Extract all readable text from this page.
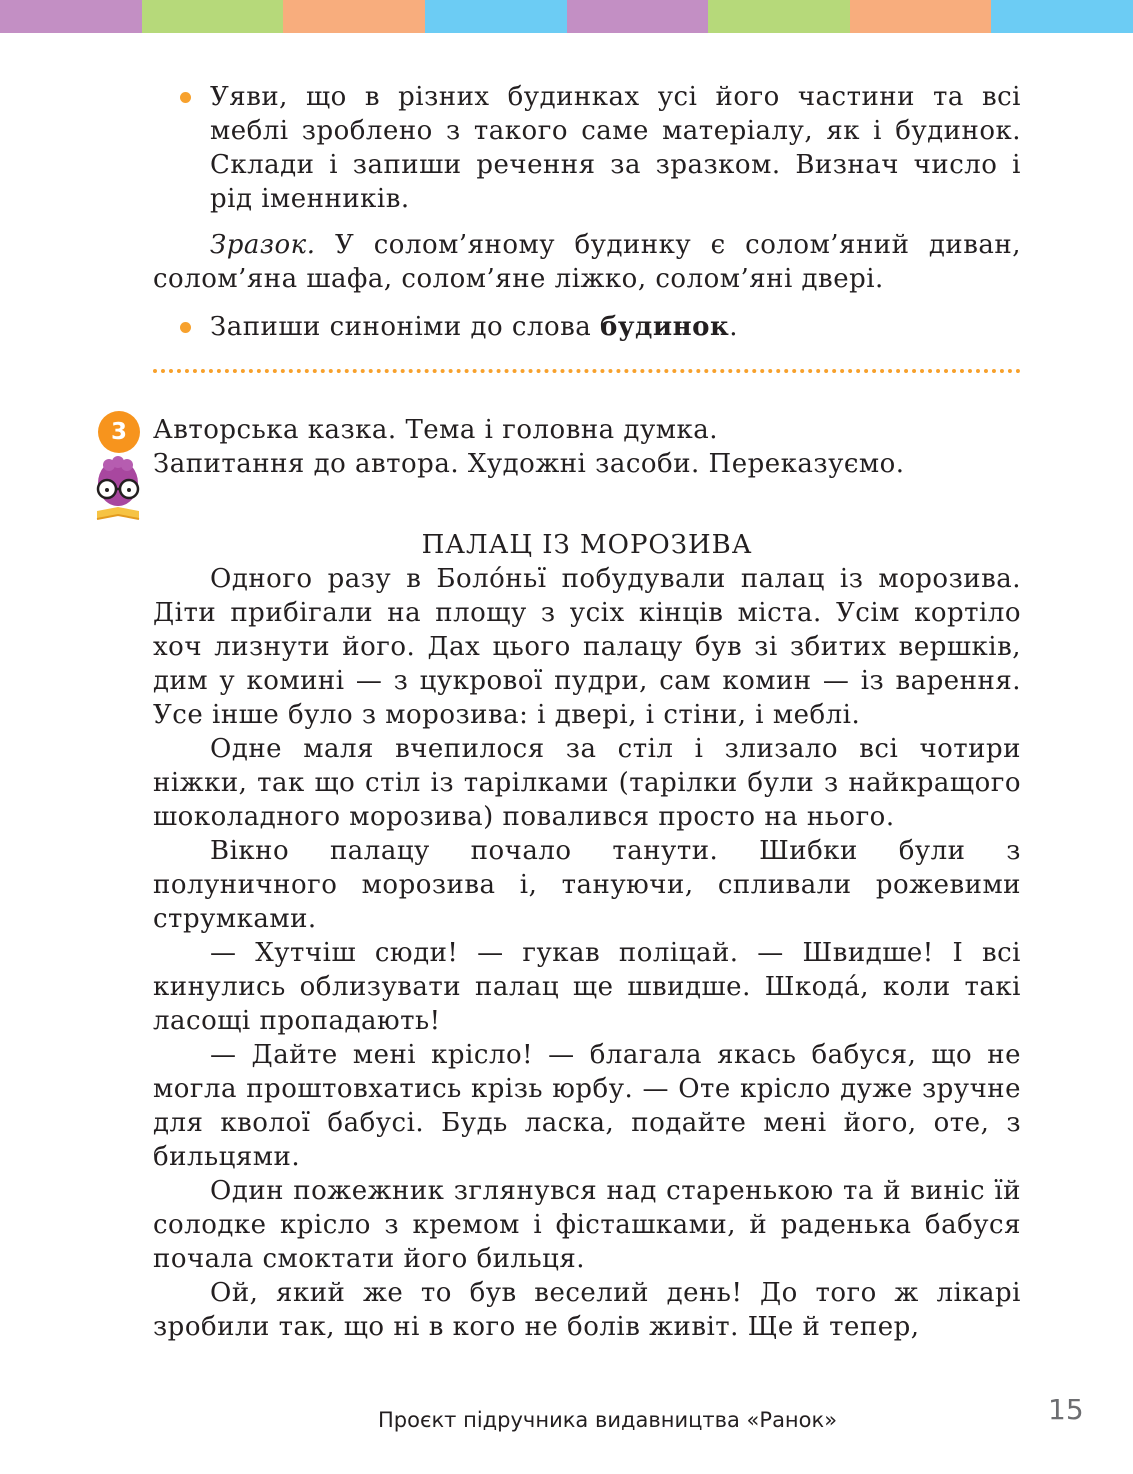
Уяви, що в різних будинках усі його частини та всі меблі зроблено з такого саме матеріалу, як і будинок. Склади і запиши речення за зразком. Визнач число і рід іменників.
Зразок. У солом’яному будинку є солом’яний диван, солом’яна шафа, солом’яне ліжко, солом’яні двері.
Запиши синоніми до слова будинок.
3	Авторська казка. Тема і головна думка.
Запитання до автора. Художні засоби. Переказуємо.
ПАЛАЦ ІЗ МОРОЗИВА
Одного разу в Боло́ньї побудували палац із морозива. Діти прибігали на площу з усіх кінців міста. Усім кортіло хоч лизнути його. Дах цього палацу був зі збитих вершків, дим у комині — з цукрової пудри, сам комин — із варення. Усе інше було з морозива: і двері, і стіни, і меблі.
Одне маля вчепилося за стіл і злизало всі чотири ніжки, так що стіл із тарілками (тарілки були з найкращого шоколадного морозива) повалився просто на нього.
Вікно палацу почало танути. Шибки були з полуничного морозива і, тануючи, спливали рожевими струмками.
— Хутчіш сюди! — гукав поліцай. — Швидше! І всі кинулись облизувати палац ще швидше. Шкода́, коли такі ласощі пропадають!
— Дайте мені крісло! — благала якась бабуся, що не могла проштовхатись крізь юрбу. — Оте крісло дуже зручне для кволої бабусі. Будь ласка, подайте мені його, оте, з бильцями.
Один пожежник зглянувся над старенькою та й виніс їй солодке крісло з кремом і фісташками, й раденька бабуся почала смоктати його бильця.
Ой, який же то був веселий день! До того ж лікарі зробили так, що ні в кого не болів живіт. Ще й тепер,
Проєкт підручника видавництва «Ранок»	15
